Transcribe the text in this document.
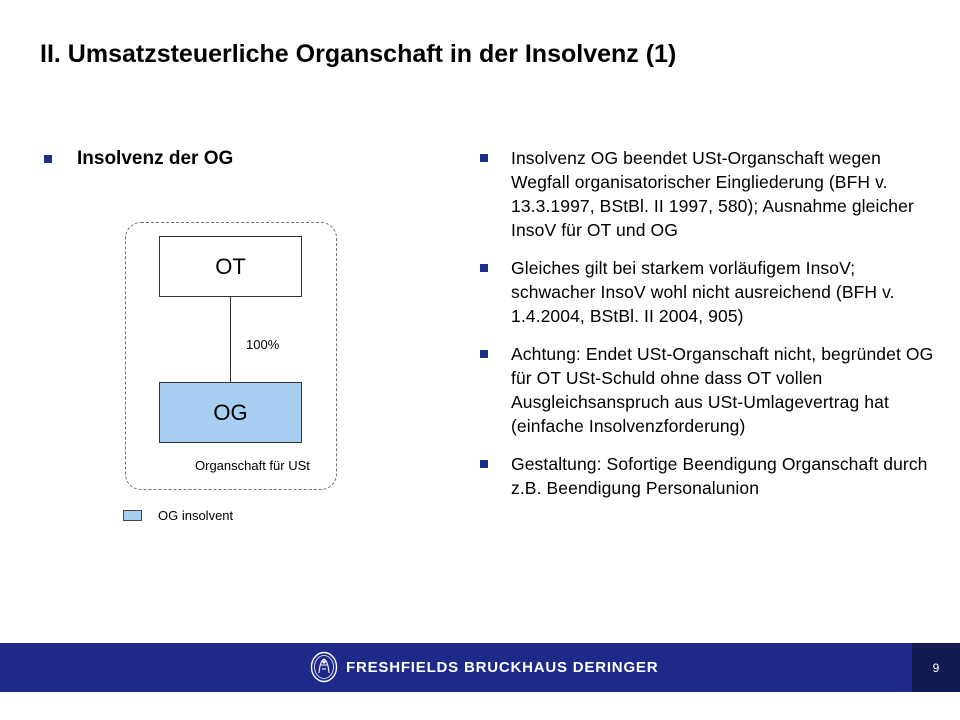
II. Umsatzsteuerliche Organschaft in der Insolvenz (1)
Insolvenz der OG
OT
100%
OG
Organschaft für USt
OG insolvent
Insolvenz OG beendet USt-Organschaft wegen Wegfall organisatorischer Eingliederung (BFH v. 13.3.1997, BStBl. II 1997, 580); Ausnahme gleicher InsoV für OT und OG
Gleiches gilt bei starkem vorläufigem InsoV; schwacher InsoV wohl nicht ausreichend (BFH v. 1.4.2004, BStBl. II 2004, 905)
Achtung: Endet USt-Organschaft nicht, begründet OG für OT USt-Schuld ohne dass OT vollen Ausgleichsanspruch aus USt-Umlagevertrag hat (einfache Insolvenzforderung)
Gestaltung: Sofortige Beendigung Organschaft durch z.B. Beendigung Personalunion
FRESHFIELDS BRUCKHAUS DERINGER	9
